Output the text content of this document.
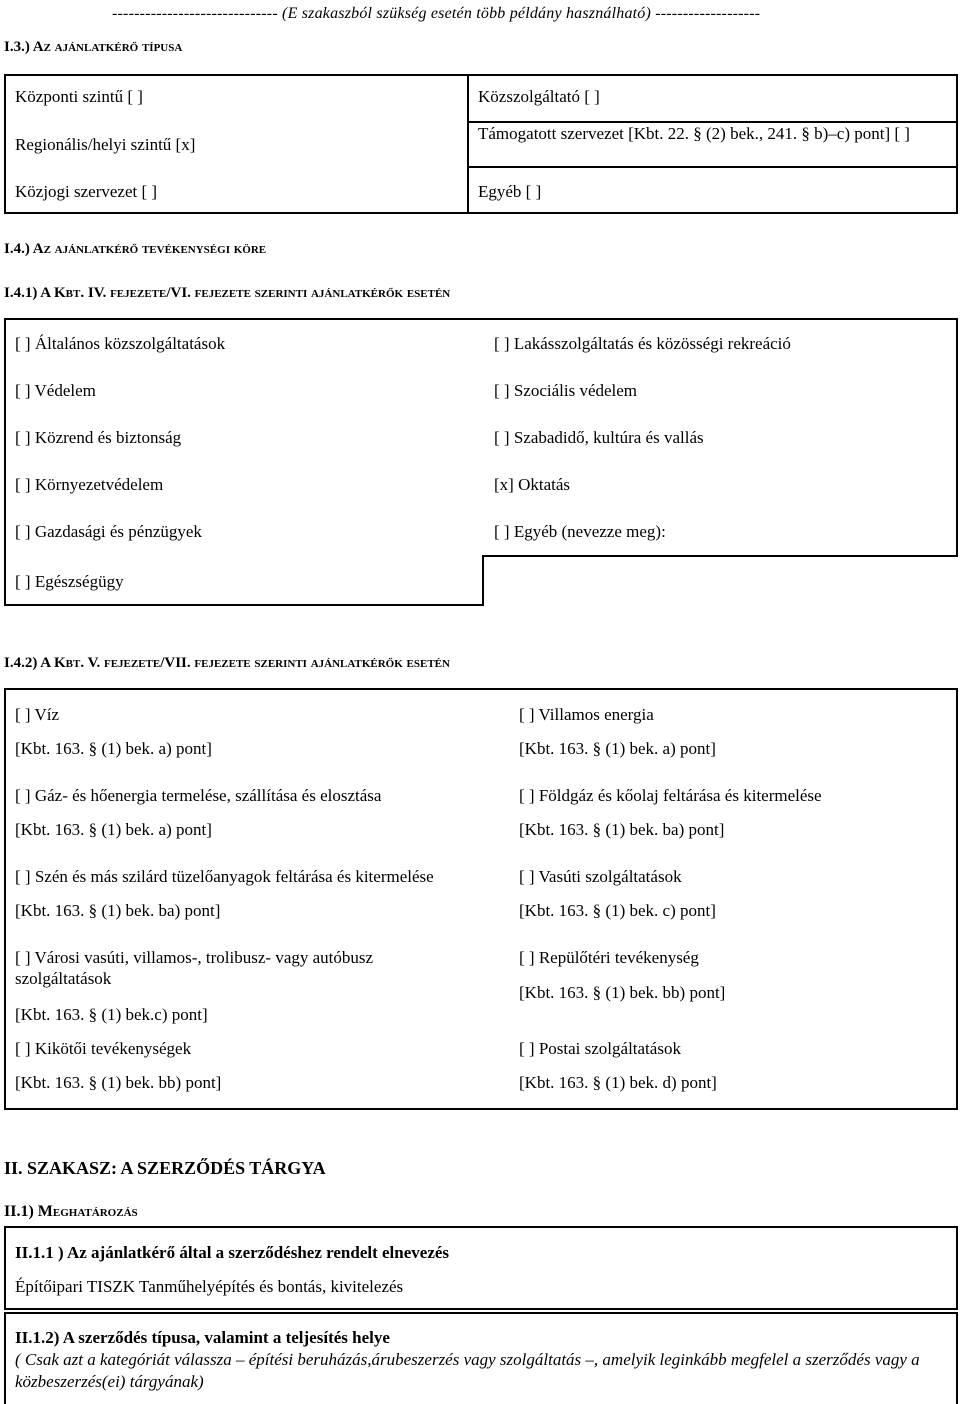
------------------------------ (E szakaszból szükség esetén több példány használható) -------------------
I.3.) Az ajánlatkérő típusa
Központi szintű [ ]
Regionális/helyi szintű [x]
Közjogi szervezet [ ]
Közszolgáltató [ ]
Támogatott szervezet [Kbt. 22. § (2) bek., 241. § b)–c) pont] [ ]
Egyéb [ ]
I.4.) Az ajánlatkérő tevékenységi köre
I.4.1) A Kbt. IV. fejezete/VI. fejezete szerinti ajánlatkérők esetén
[ ] Általános közszolgáltatások
[ ] Védelem
[ ] Közrend és biztonság
[ ] Környezetvédelem
[ ] Gazdasági és pénzügyek
[ ] Egészségügy
[ ] Lakásszolgáltatás és közösségi rekreáció
[ ] Szociális védelem
[ ] Szabadidő, kultúra és vallás
[x] Oktatás
[ ] Egyéb (nevezze meg):
I.4.2) A Kbt. V. fejezete/VII. fejezete szerinti ajánlatkérők esetén
[ ] Víz
[Kbt. 163. § (1) bek. a) pont]
[ ] Gáz- és hőenergia termelése, szállítása és elosztása
[Kbt. 163. § (1) bek. a) pont]
[ ] Szén és más szilárd tüzelőanyagok feltárása és kitermelése
[Kbt. 163. § (1) bek. ba) pont]
[ ] Városi vasúti, villamos-, trolibusz- vagy autóbusz szolgáltatások
[Kbt. 163. § (1) bek.c) pont]
[ ] Kikötői tevékenységek
[Kbt. 163. § (1) bek. bb) pont]
[ ] Villamos energia
[Kbt. 163. § (1) bek. a) pont]
[ ] Földgáz és kőolaj feltárása és kitermelése
[Kbt. 163. § (1) bek. ba) pont]
[ ] Vasúti szolgáltatások
[Kbt. 163. § (1) bek. c) pont]
[ ] Repülőtéri tevékenység
[Kbt. 163. § (1) bek. bb) pont]
[ ] Postai szolgáltatások
[Kbt. 163. § (1) bek. d) pont]
II. SZAKASZ: A SZERZŐDÉS TÁRGYA
II.1) Meghatározás
II.1.1 ) Az ajánlatkérő által a szerződéshez rendelt elnevezés
Építőipari TISZK Tanműhelyépítés és bontás, kivitelezés
II.1.2) A szerződés típusa, valamint a teljesítés helye
( Csak azt a kategóriát válassza – építési beruházás,árubeszerzés vagy szolgáltatás –, amelyik leginkább megfelel a szerződés vagy a közbeszerzés(ei) tárgyának)
